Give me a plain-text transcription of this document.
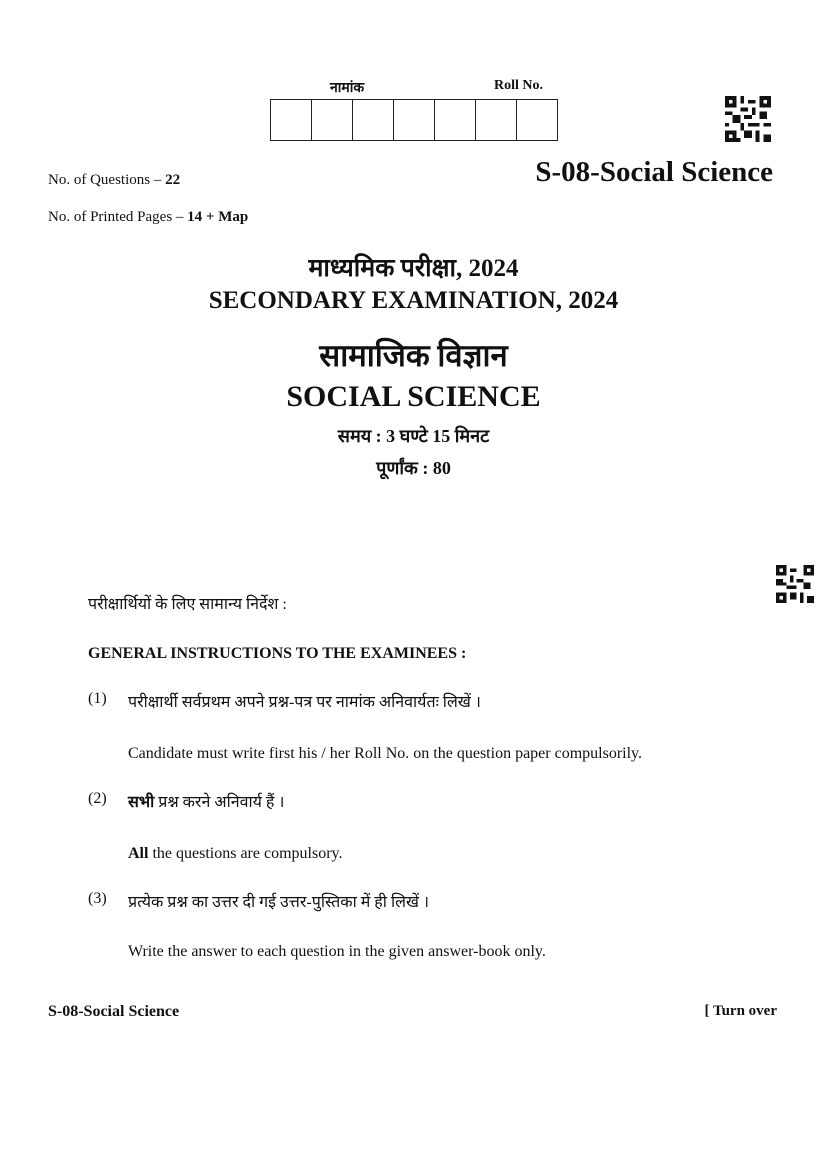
नामांक	Roll No.
No. of Questions – 22
No. of Printed Pages – 14 + Map
S-08-Social Science
माध्यमिक परीक्षा, 2024
SECONDARY EXAMINATION, 2024
सामाजिक विज्ञान
SOCIAL SCIENCE
समय : 3 घण्टे 15 मिनट
पूर्णांक : 80
परीक्षार्थियों के लिए सामान्य निर्देश :
GENERAL INSTRUCTIONS TO THE EXAMINEES :
(1) परीक्षार्थी सर्वप्रथम अपने प्रश्न-पत्र पर नामांक अनिवार्यतः लिखें ।
Candidate must write first his / her Roll No. on the question paper compulsorily.
(2) सभी प्रश्न करने अनिवार्य हैं ।
All the questions are compulsory.
(3) प्रत्येक प्रश्न का उत्तर दी गई उत्तर-पुस्तिका में ही लिखें ।
Write the answer to each question in the given answer-book only.
S-08-Social Science	[ Turn over
